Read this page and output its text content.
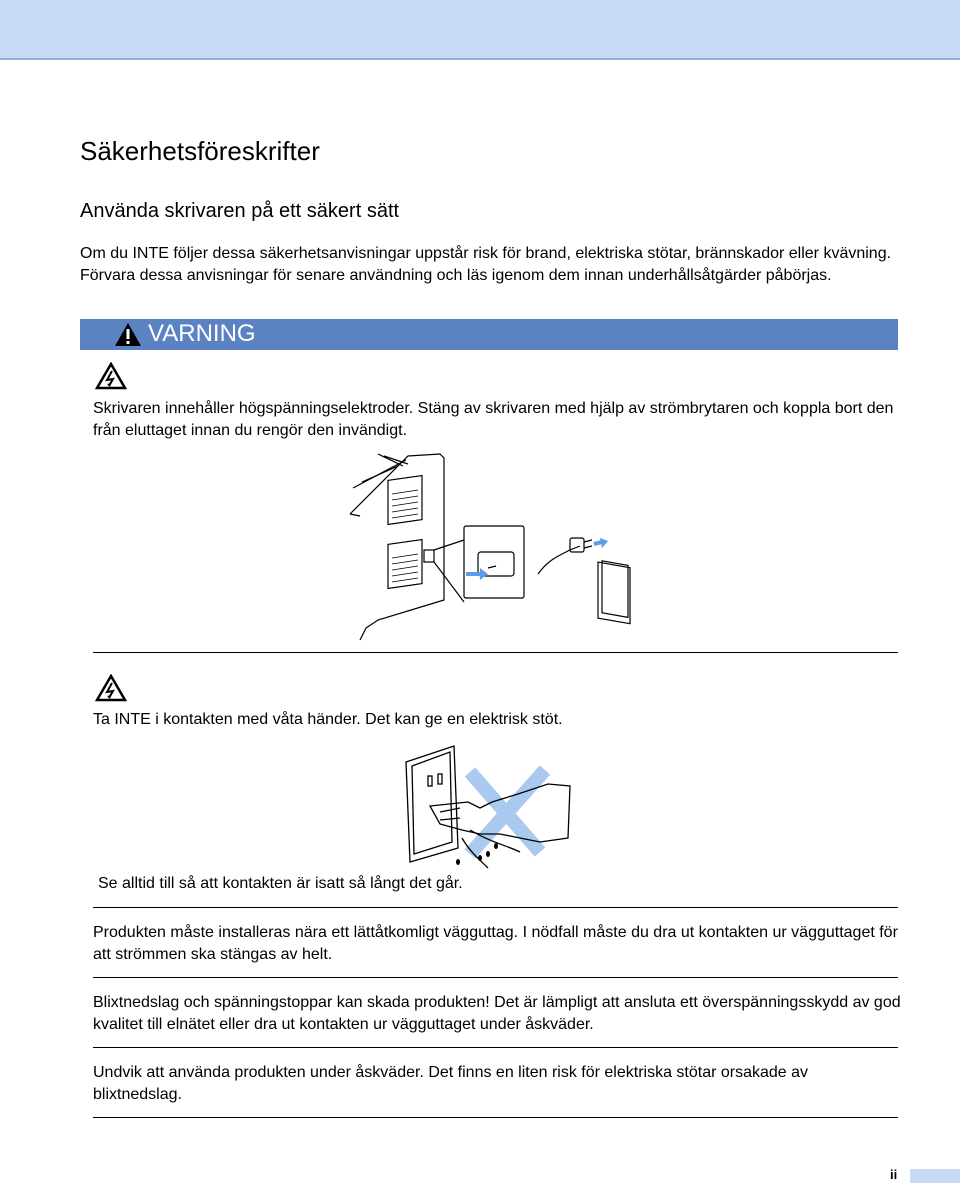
Säkerhetsföreskrifter
Använda skrivaren på ett säkert sätt

Om du INTE följer dessa säkerhetsanvisningar uppstår risk för brand, elektriska stötar, brännskador eller kvävning. Förvara dessa anvisningar för senare användning och läs igenom dem innan underhållsåtgärder påbörjas.

VARNING

Skrivaren innehåller högspänningselektroder. Stäng av skrivaren med hjälp av strömbrytaren och koppla bort den från eluttaget innan du rengör den invändigt.

Ta INTE i kontakten med våta händer. Det kan ge en elektrisk stöt.

Se alltid till så att kontakten är isatt så långt det går.

Produkten måste installeras nära ett lättåtkomligt vägguttag. I nödfall måste du dra ut kontakten ur vägguttaget för att strömmen ska stängas av helt.

Blixtnedslag och spänningstoppar kan skada produkten! Det är lämpligt att ansluta ett överspänningsskydd av god kvalitet till elnätet eller dra ut kontakten ur vägguttaget under åskväder.

Undvik att använda produkten under åskväder. Det finns en liten risk för elektriska stötar orsakade av blixtnedslag.

ii
